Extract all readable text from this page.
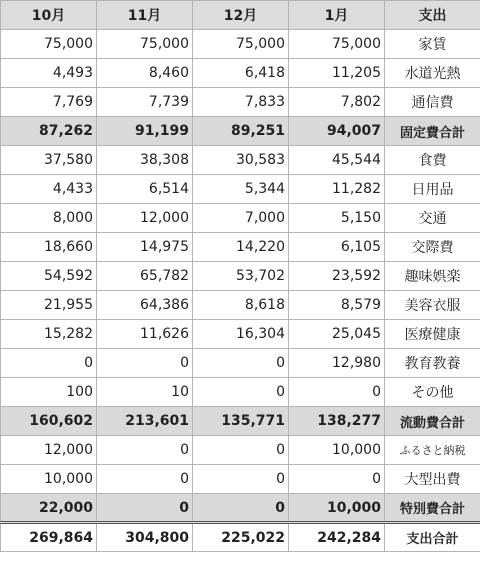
10月	11月	12月	1月	支出
75,000	75,000	75,000	75,000	家賃
4,493	8,460	6,418	11,205	水道光熱
7,769	7,739	7,833	7,802	通信費
87,262	91,199	89,251	94,007	固定費合計
37,580	38,308	30,583	45,544	食費
4,433	6,514	5,344	11,282	日用品
8,000	12,000	7,000	5,150	交通
18,660	14,975	14,220	6,105	交際費
54,592	65,782	53,702	23,592	趣味娯楽
21,955	64,386	8,618	8,579	美容衣服
15,282	11,626	16,304	25,045	医療健康
0	0	0	12,980	教育教養
100	10	0	0	その他
160,602	213,601	135,771	138,277	流動費合計
12,000	0	0	10,000	ふるさと納税
10,000	0	0	0	大型出費
22,000	0	0	10,000	特別費合計
269,864	304,800	225,022	242,284	支出合計
